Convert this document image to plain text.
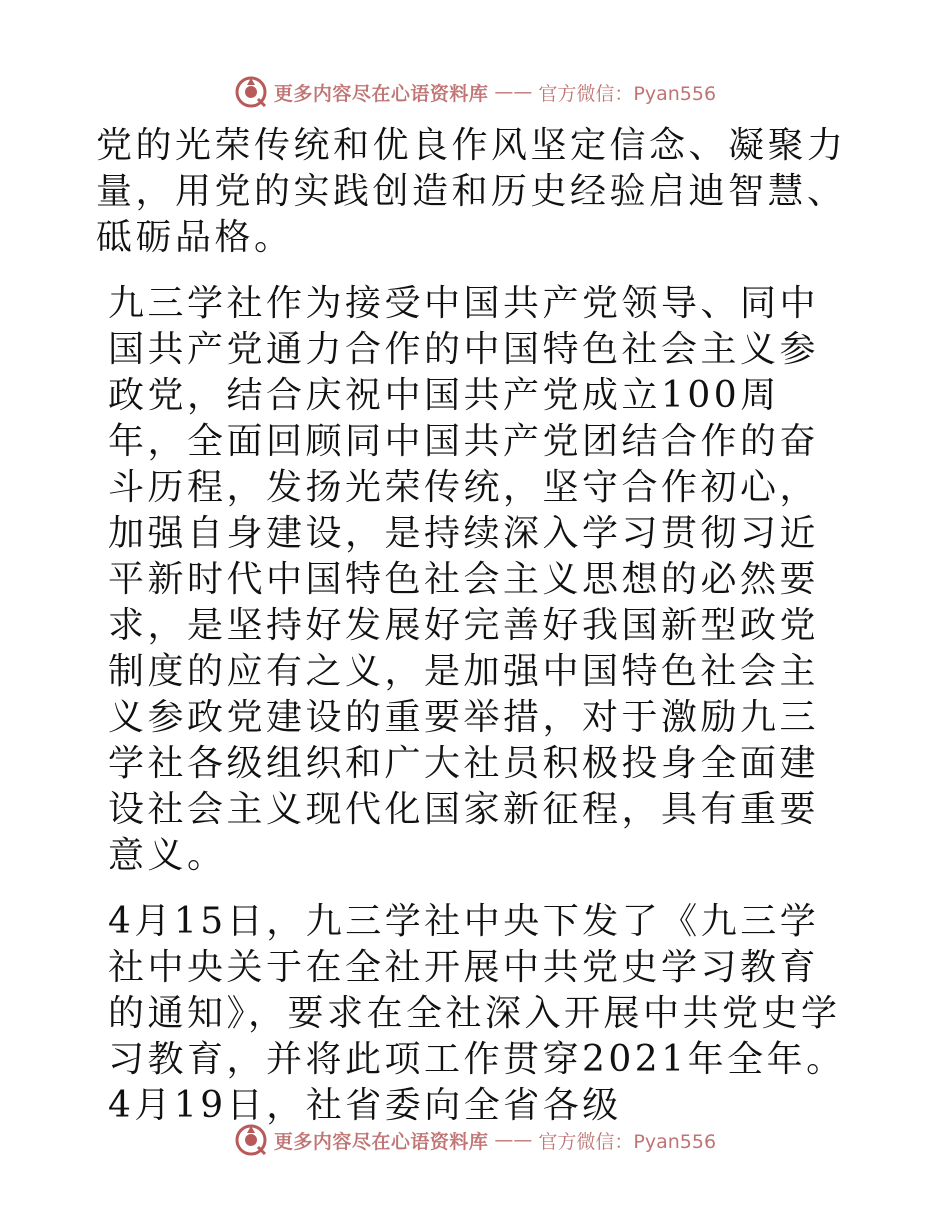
更多内容尽在心语资料库 —— 官方微信：Pyan556

党的光荣传统和优良作风坚定信念、凝聚力量，用党的实践创造和历史经验启迪智慧、砥砺品格。

九三学社作为接受中国共产党领导、同中国共产党通力合作的中国特色社会主义参政党，结合庆祝中国共产党成立100周年，全面回顾同中国共产党团结合作的奋斗历程，发扬光荣传统，坚守合作初心，加强自身建设，是持续深入学习贯彻习近平新时代中国特色社会主义思想的必然要求，是坚持好发展好完善好我国新型政党制度的应有之义，是加强中国特色社会主义参政党建设的重要举措，对于激励九三学社各级组织和广大社员积极投身全面建设社会主义现代化国家新征程，具有重要意义。

4月15日，九三学社中央下发了《九三学社中央关于在全社开展中共党史学习教育的通知》，要求在全社深入开展中共党史学习教育，并将此项工作贯穿2021年全年。4月19日，社省委向全省各级

更多内容尽在心语资料库 —— 官方微信：Pyan556
